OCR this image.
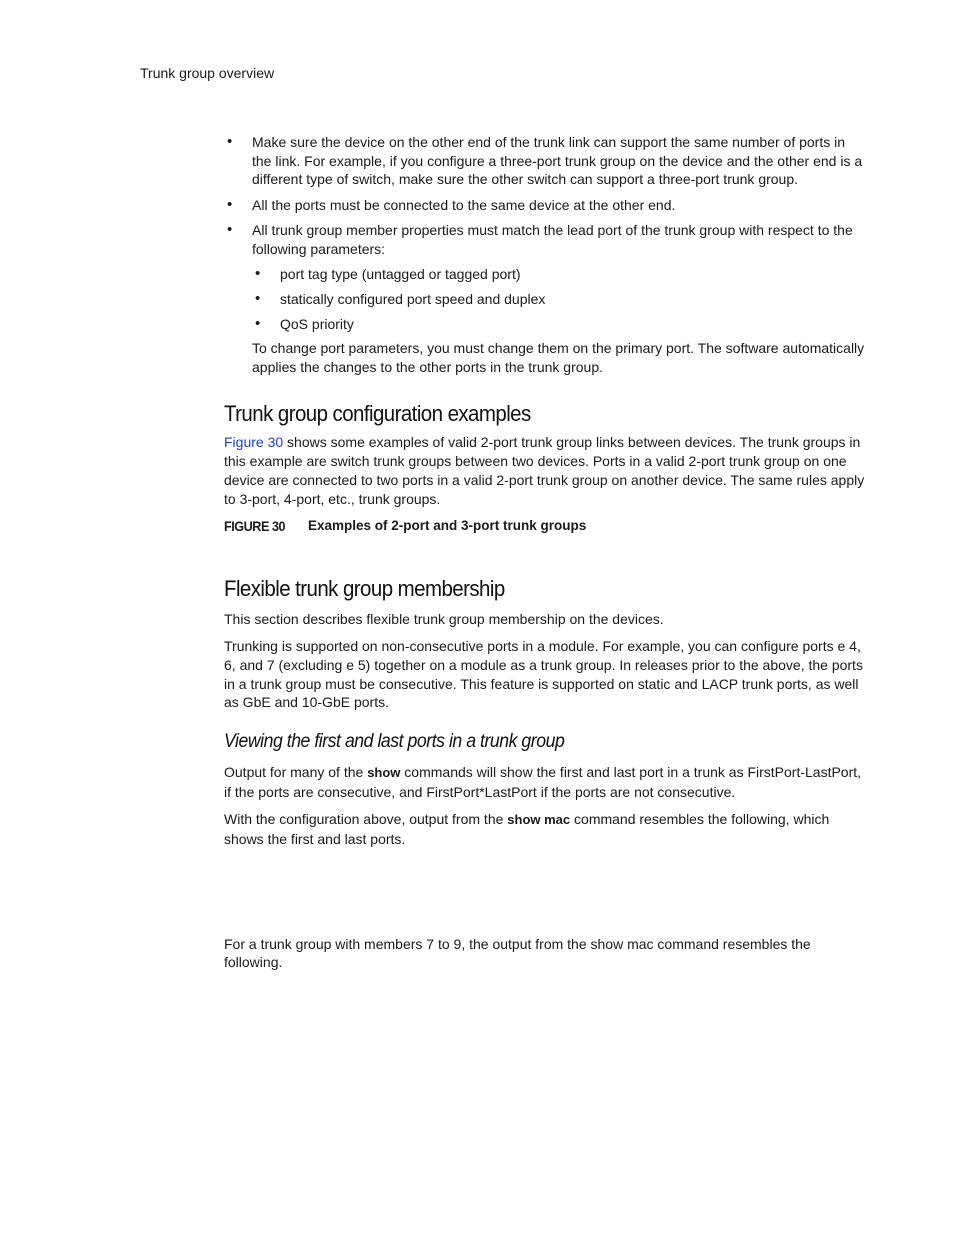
Trunk group overview
• Make sure the device on the other end of the trunk link can support the same number of ports in the link. For example, if you configure a three-port trunk group on the device and the other end is a different type of switch, make sure the other switch can support a three-port trunk group.
• All the ports must be connected to the same device at the other end.
• All trunk group member properties must match the lead port of the trunk group with respect to the following parameters:
• port tag type (untagged or tagged port)
• statically configured port speed and duplex
• QoS priority

To change port parameters, you must change them on the primary port. The software automatically applies the changes to the other ports in the trunk group.

Trunk group configuration examples

Figure 30 shows some examples of valid 2-port trunk group links between devices. The trunk groups in this example are switch trunk groups between two devices. Ports in a valid 2-port trunk group on one device are connected to two ports in a valid 2-port trunk group on another device. The same rules apply to 3-port, 4-port, etc., trunk groups.

FIGURE 30	Examples of 2-port and 3-port trunk groups
Flexible trunk group membership

This section describes flexible trunk group membership on the devices.

Trunking is supported on non-consecutive ports in a module. For example, you can configure ports e 4, 6, and 7 (excluding e 5) together on a module as a trunk group. In releases prior to the above, the ports in a trunk group must be consecutive. This feature is supported on static and LACP trunk ports, as well as GbE and 10-GbE ports.

Viewing the first and last ports in a trunk group

Output for many of the show commands will show the first and last port in a trunk as FirstPort-LastPort, if the ports are consecutive, and FirstPort*LastPort if the ports are not consecutive.

With the configuration above, output from the show mac command resembles the following, which shows the first and last ports.

For a trunk group with members 7 to 9, the output from the show mac command resembles the following.
